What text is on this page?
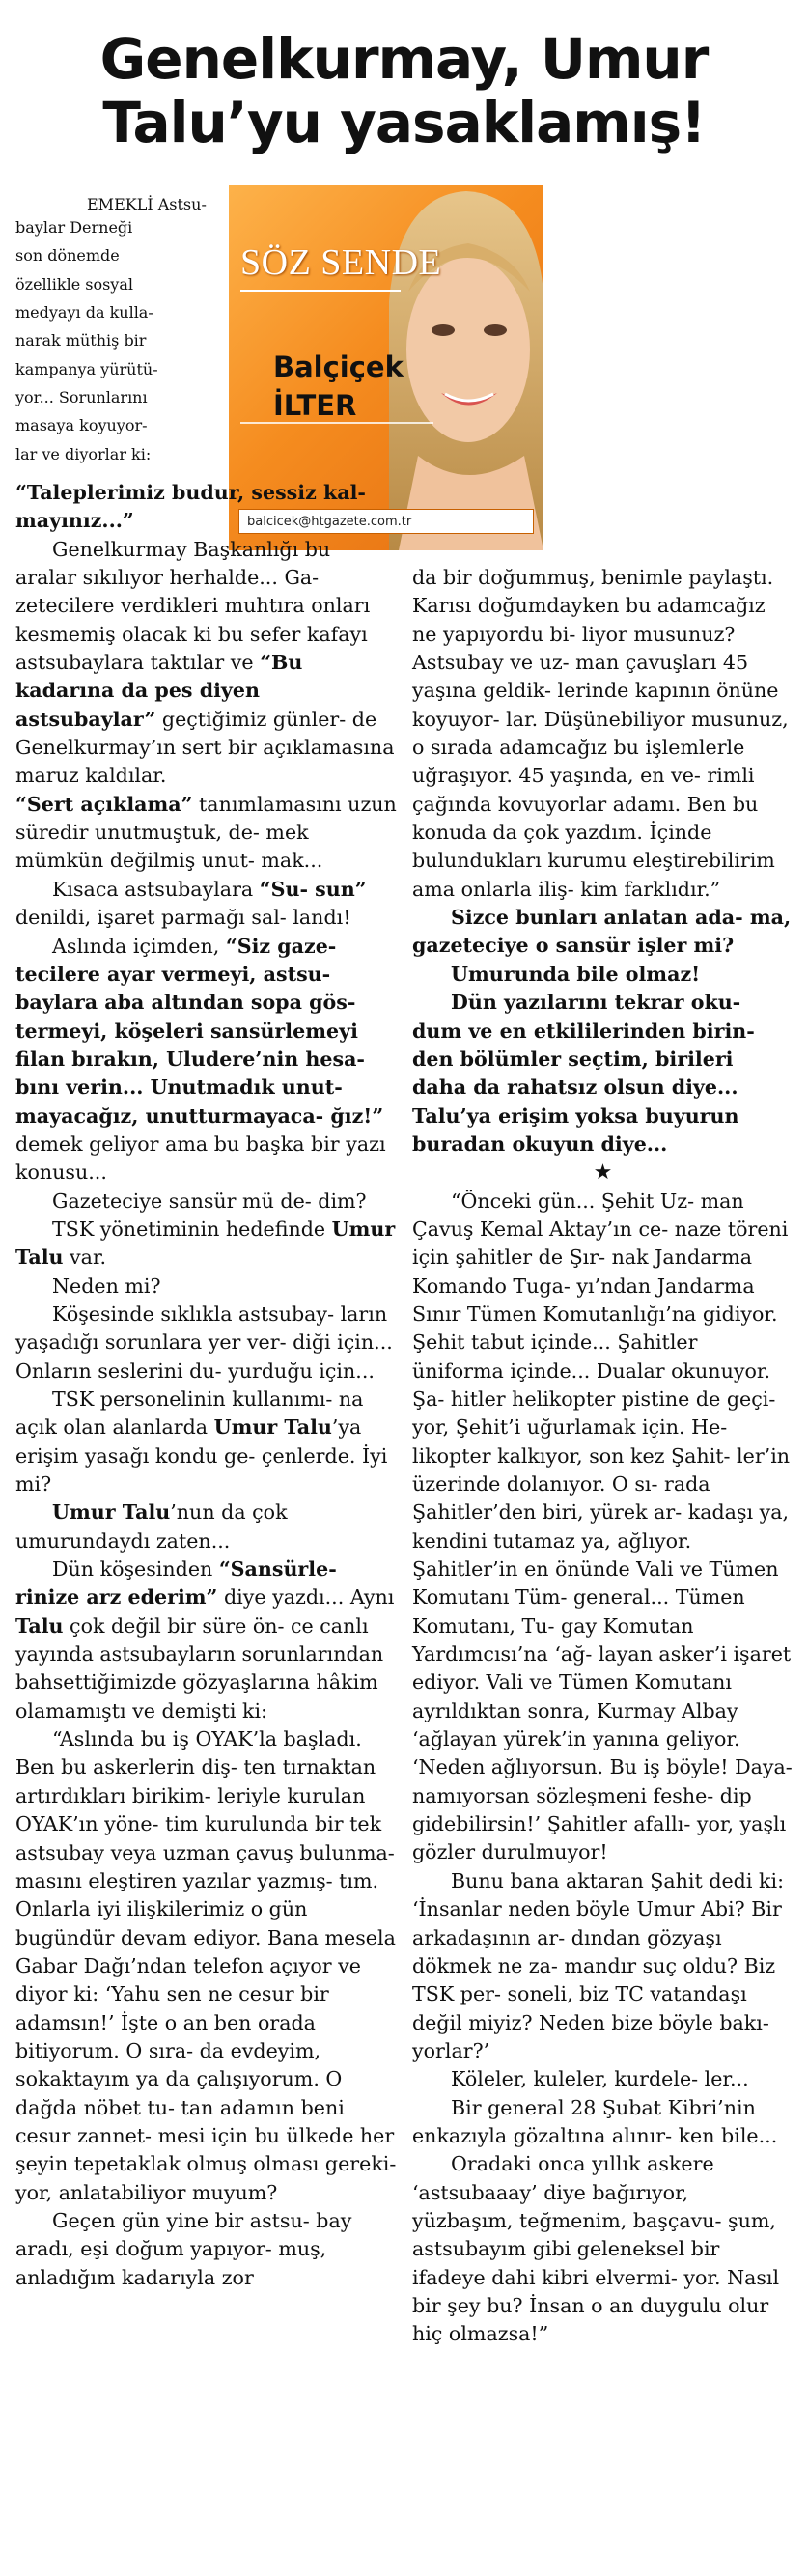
Genelkurmay, Umur
Talu’yu yasaklamış!
SÖZ SENDE
Balçiçek
İLTER
balcicek@htgazete.com.tr
EMEKLİ Astsu-
baylar Derneği
son dönemde
özellikle sosyal
medyayı da kulla-
narak müthiş bir
kampanya yürütü-
yor... Sorunlarını
masaya koyuyor-
lar ve diyorlar ki:

“Taleplerimiz budur, sessiz kal- mayınız...”

Genelkurmay Başkanlığı bu aralar sıkılıyor herhalde... Ga- zetecilere verdikleri muhtıra onları kesmemiş olacak ki bu sefer kafayı astsubaylara taktılar ve “Bu kadarına da pes diyen astsubaylar” geçtiğimiz günler- de Genelkurmay’ın sert bir açıklamasına maruz kaldılar.

“Sert açıklama” tanımlamasını uzun süredir unutmuştuk, de- mek mümkün değilmiş unut- mak...

Kısaca astsubaylara “Su- sun” denildi, işaret parmağı sal- landı!

Aslında içimden, “Siz gaze- tecilere ayar vermeyi, astsu- baylara aba altından sopa gös- termeyi, köşeleri sansürlemeyi filan bırakın, Uludere’nin hesa- bını verin... Unutmadık unut- mayacağız, unutturmayaca- ğız!” demek geliyor ama bu başka bir yazı konusu...

Gazeteciye sansür mü de- dim?

TSK yönetiminin hedefinde Umur Talu var.

Neden mi?

Köşesinde sıklıkla astsubay- ların yaşadığı sorunlara yer ver- diği için... Onların seslerini du- yurduğu için...

TSK personelinin kullanımı- na açık olan alanlarda Umur Talu’ya erişim yasağı kondu ge- çenlerde. İyi mi?

Umur Talu’nun da çok umurundaydı zaten...

Dün köşesinden “Sansürle- rinize arz ederim” diye yazdı... Aynı Talu çok değil bir süre ön- ce canlı yayında astsubayların sorunlarından bahsettiğimizde gözyaşlarına hâkim olamamıştı ve demişti ki:

“Aslında bu iş OYAK’la başladı. Ben bu askerlerin diş- ten tırnaktan artırdıkları birikim- leriyle kurulan OYAK’ın yöne- tim kurulunda bir tek astsubay veya uzman çavuş bulunma- masını eleştiren yazılar yazmış- tım. Onlarla iyi ilişkilerimiz o gün bugündür devam ediyor. Bana mesela Gabar Dağı’ndan telefon açıyor ve diyor ki: ‘Yahu sen ne cesur bir adamsın!’ İşte o an ben orada bitiyorum. O sıra- da evdeyim, sokaktayım ya da çalışıyorum. O dağda nöbet tu- tan adamın beni cesur zannet- mesi için bu ülkede her şeyin tepetaklak olmuş olması gereki- yor, anlatabiliyor muyum?

Geçen gün yine bir astsu- bay aradı, eşi doğum yapıyor- muş, anladığım kadarıyla zor

da bir doğummuş, benimle paylaştı. Karısı doğumdayken bu adamcağız ne yapıyordu bi- liyor musunuz? Astsubay ve uz- man çavuşları 45 yaşına geldik- lerinde kapının önüne koyuyor- lar. Düşünebiliyor musunuz, o sırada adamcağız bu işlemlerle uğraşıyor. 45 yaşında, en ve- rimli çağında kovuyorlar adamı. Ben bu konuda da çok yazdım. İçinde bulundukları kurumu eleştirebilirim ama onlarla iliş- kim farklıdır.”

Sizce bunları anlatan ada- ma, gazeteciye o sansür işler mi?

Umurunda bile olmaz!

Dün yazılarını tekrar oku- dum ve en etkililerinden birin- den bölümler seçtim, birileri daha da rahatsız olsun diye... Talu’ya erişim yoksa buyurun buradan okuyun diye...

★

“Önceki gün... Şehit Uz- man Çavuş Kemal Aktay’ın ce- naze töreni için şahitler de Şır- nak Jandarma Komando Tuga- yı’ndan Jandarma Sınır Tümen Komutanlığı’na gidiyor. Şehit tabut içinde... Şahitler üniforma içinde... Dualar okunuyor. Şa- hitler helikopter pistine de geçi- yor, Şehit’i uğurlamak için. He- likopter kalkıyor, son kez Şahit- ler’in üzerinde dolanıyor. O sı- rada Şahitler’den biri, yürek ar- kadaşı ya, kendini tutamaz ya, ağlıyor. Şahitler’in en önünde Vali ve Tümen Komutanı Tüm- general... Tümen Komutanı, Tu- gay Komutan Yardımcısı’na ‘ağ- layan asker’i işaret ediyor. Vali ve Tümen Komutanı ayrıldıktan sonra, Kurmay Albay ‘ağlayan yürek’in yanına geliyor. ‘Neden ağlıyorsun. Bu iş böyle! Daya- namıyorsan sözleşmeni feshe- dip gidebilirsin!’ Şahitler afallı- yor, yaşlı gözler durulmuyor!

Bunu bana aktaran Şahit dedi ki: ‘İnsanlar neden böyle Umur Abi? Bir arkadaşının ar- dından gözyaşı dökmek ne za- mandır suç oldu? Biz TSK per- soneli, biz TC vatandaşı değil miyiz? Neden bize böyle bakı- yorlar?’

Köleler, kuleler, kurdele- ler...

Bir general 28 Şubat Kibri’nin enkazıyla gözaltına alınır- ken bile...

Oradaki onca yıllık askere ‘astsubaaay’ diye bağırıyor, yüzbaşım, teğmenim, başçavu- şum, astsubayım gibi geleneksel bir ifadeye dahi kibri elvermi- yor. Nasıl bir şey bu? İnsan o an duygulu olur hiç olmazsa!”
